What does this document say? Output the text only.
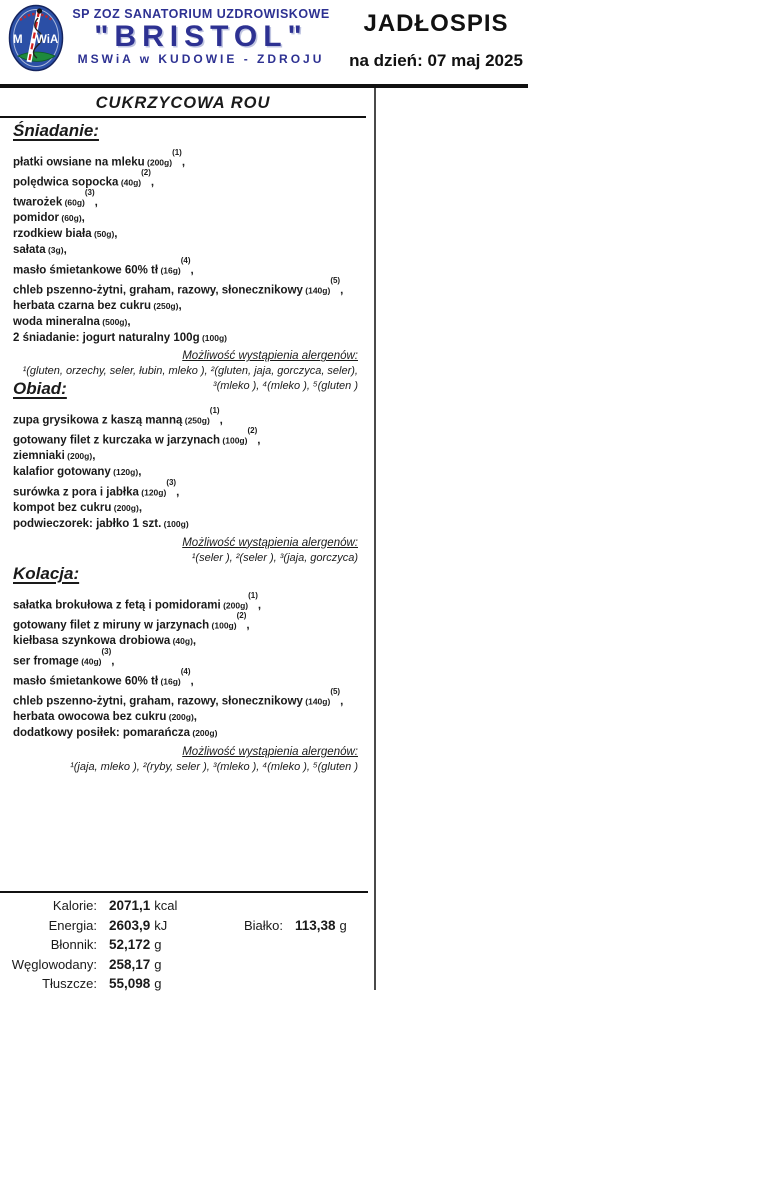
M WiA
SP ZOZ SANATORIUM UZDROWISKOWE
"BRISTOL"
MSWiA w KUDOWIE - ZDROJU
JADŁOSPIS
na dzień: 07 maj 2025
CUKRZYCOWA ROU
Śniadanie:
płatki owsiane na mleku (200g)$^{(1)}$,
polędwica sopocka (40g)$^{(2)}$,
twarożek (60g)$^{(3)}$,
pomidor (60g),
rzodkiew biała (50g),
sałata (3g),
masło śmietankowe 60% tł (16g)$^{(4)}$,
chleb pszenno-żytni, graham, razowy, słonecznikowy (140g)$^{(5)}$,
herbata czarna bez cukru (250g),
woda mineralna (500g),
2 śniadanie: jogurt naturalny 100g (100g)
Możliwość wystąpienia alergenów:
¹(gluten, orzechy, seler, łubin, mleko ), ²(gluten, jaja, gorczyca, seler),
³(mleko ), ⁴(mleko ), ⁵(gluten )
Obiad:
zupa grysikowa z kaszą manną (250g)$^{(1)}$,
gotowany filet z kurczaka w jarzynach (100g)$^{(2)}$,
ziemniaki (200g),
kalafior gotowany (120g),
surówka z pora i jabłka (120g)$^{(3)}$,
kompot bez cukru (200g),
podwieczorek: jabłko 1 szt. (100g)
Możliwość wystąpienia alergenów:
¹(seler ), ²(seler ), ³(jaja, gorczyca)
Kolacja:
sałatka brokułowa z fetą i pomidorami (200g)$^{(1)}$,
gotowany filet z miruny w jarzynach (100g)$^{(2)}$,
kiełbasa szynkowa drobiowa (40g),
ser fromage (40g)$^{(3)}$,
masło śmietankowe 60% tł (16g)$^{(4)}$,
chleb pszenno-żytni, graham, razowy, słonecznikowy (140g)$^{(5)}$,
herbata owocowa bez cukru (200g),
dodatkowy posiłek: pomarańcza (200g)
Możliwość wystąpienia alergenów:
¹(jaja, mleko ), ²(ryby, seler ), ³(mleko ), ⁴(mleko ), ⁵(gluten )
Kalorie: 2071,1 kcal
Energia: 2603,9 kJ	Białko: 113,38 g
Błonnik: 52,172 g
Węglowodany: 258,17 g
Tłuszcze: 55,098 g
